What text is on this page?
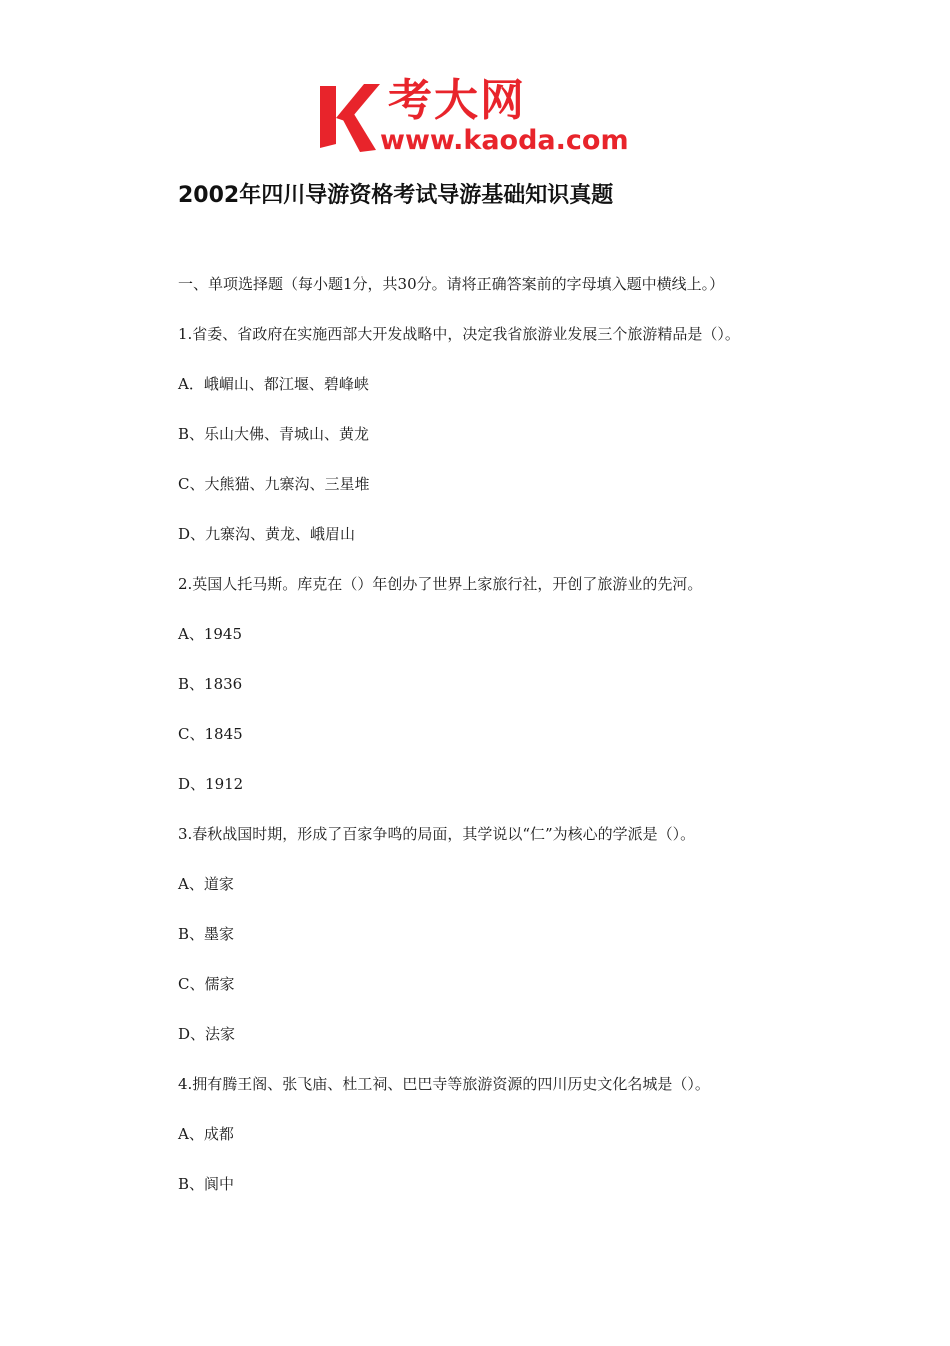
考大网
www.kaoda.com
2002年四川导游资格考试导游基础知识真题
一、单项选择题（每小题1分，共30分。请将正确答案前的字母填入题中横线上。）
1.省委、省政府在实施西部大开发战略中，决定我省旅游业发展三个旅游精品是（）。
A．峨嵋山、都江堰、碧峰峡
B、乐山大佛、青城山、黄龙
C、大熊猫、九寨沟、三星堆
D、九寨沟、黄龙、峨眉山
2.英国人托马斯。库克在（）年创办了世界上家旅行社，开创了旅游业的先河。
A、1945
B、1836
C、1845
D、1912
3.春秋战国时期，形成了百家争鸣的局面，其学说以“仁”为核心的学派是（）。
A、道家
B、墨家
C、儒家
D、法家
4.拥有腾王阁、张飞庙、杜工祠、巴巴寺等旅游资源的四川历史文化名城是（）。
A、成都
B、阆中
